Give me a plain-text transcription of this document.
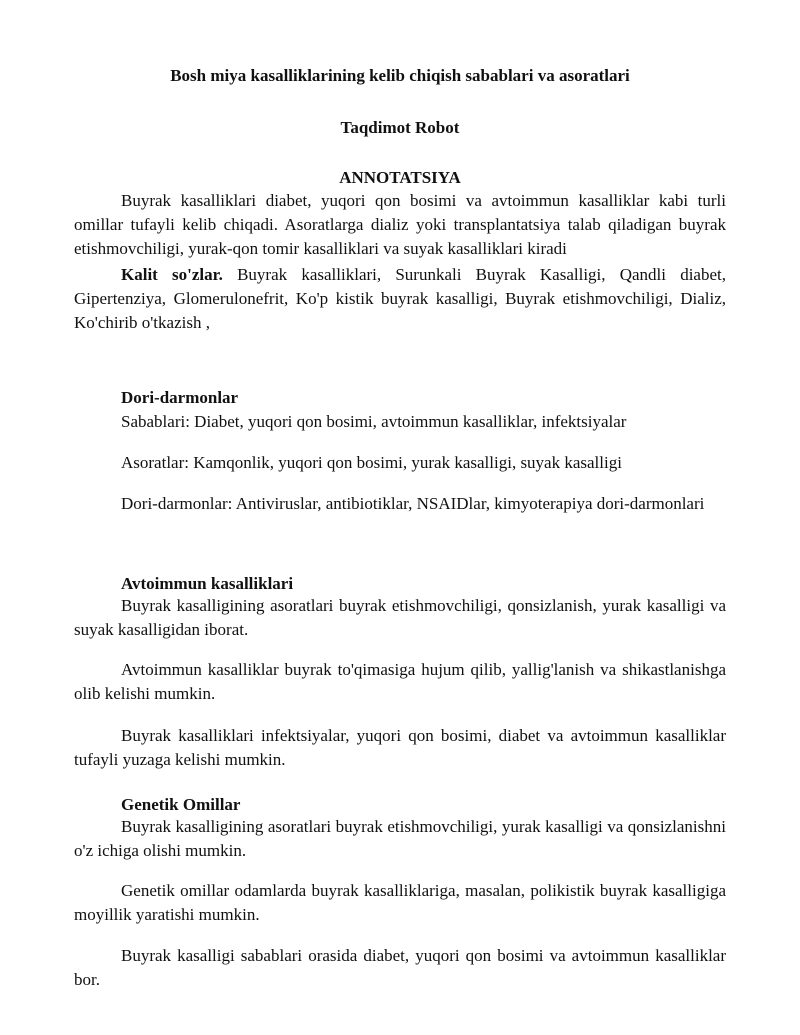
Bosh miya kasalliklarining kelib chiqish sabablari va asoratlari
Taqdimot Robot
ANNOTATSIYA
Buyrak kasalliklari diabet, yuqori qon bosimi va avtoimmun kasalliklar kabi turli omillar tufayli kelib chiqadi. Asoratlarga dializ yoki transplantatsiya talab qiladigan buyrak etishmovchiligi, yurak-qon tomir kasalliklari va suyak kasalliklari kiradi
Kalit so'zlar. Buyrak kasalliklari, Surunkali Buyrak Kasalligi, Qandli diabet, Gipertenziya, Glomerulonefrit, Ko'p kistik buyrak kasalligi, Buyrak etishmovchiligi, Dializ, Ko'chirib o'tkazish ,
Dori-darmonlar
Sabablari: Diabet, yuqori qon bosimi, avtoimmun kasalliklar, infektsiyalar
Asoratlar: Kamqonlik, yuqori qon bosimi, yurak kasalligi, suyak kasalligi
Dori-darmonlar: Antiviruslar, antibiotiklar, NSAIDlar, kimyoterapiya dori-darmonlari
Avtoimmun kasalliklari
Buyrak kasalligining asoratlari buyrak etishmovchiligi, qonsizlanish, yurak kasalligi va suyak kasalligidan iborat.
Avtoimmun kasalliklar buyrak to'qimasiga hujum qilib, yallig'lanish va shikastlanishga olib kelishi mumkin.
Buyrak kasalliklari infektsiyalar, yuqori qon bosimi, diabet va avtoimmun kasalliklar tufayli yuzaga kelishi mumkin.
Genetik Omillar
Buyrak kasalligining asoratlari buyrak etishmovchiligi, yurak kasalligi va qonsizlanishni o'z ichiga olishi mumkin.
Genetik omillar odamlarda buyrak kasalliklariga, masalan, polikistik buyrak kasalligiga moyillik yaratishi mumkin.
Buyrak kasalligi sabablari orasida diabet, yuqori qon bosimi va avtoimmun kasalliklar bor.
